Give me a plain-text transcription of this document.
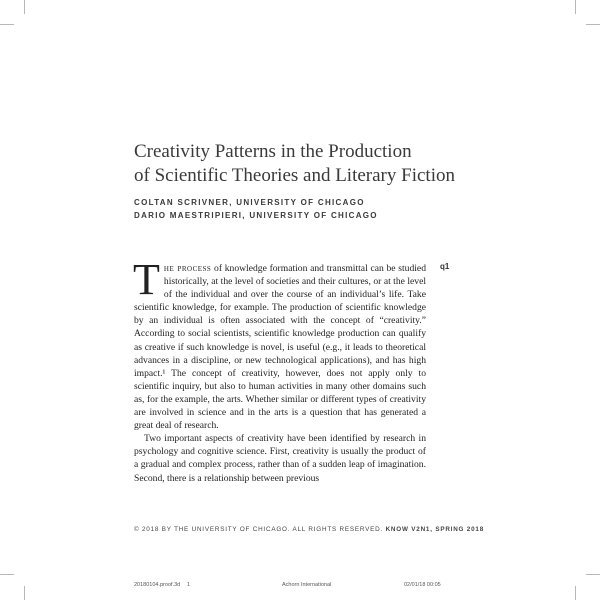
Creativity Patterns in the Production
of Scientific Theories and Literary Fiction
COLTAN SCRIVNER, UNIVERSITY OF CHICAGO
DARIO MAESTRIPIERI, UNIVERSITY OF CHICAGO
q1

The process of knowledge formation and transmittal can be studied historically, at the level of societies and their cultures, or at the level of the individual and over the course of an individual’s life. Take scientific knowledge, for example. The production of scientific knowledge by an individual is often associated with the concept of “creativity.” According to social scientists, scientific knowledge production can qualify as creative if such knowledge is novel, is useful (e.g., it leads to theoretical advances in a discipline, or new technological applications), and has high impact.¹ The concept of creativity, however, does not apply only to scientific inquiry, but also to human activities in many other domains such as, for the example, the arts. Whether similar or different types of creativity are involved in science and in the arts is a question that has generated a great deal of research.

Two important aspects of creativity have been identified by research in psychology and cognitive science. First, creativity is usually the product of a gradual and complex process, rather than of a sudden leap of imagination. Second, there is a relationship between previous

© 2018 BY THE UNIVERSITY OF CHICAGO. ALL RIGHTS RESERVED. KNOW V2N1, SPRING 2018
20180104.proof.3d 1	Achorn International	02/01/18 00:05
